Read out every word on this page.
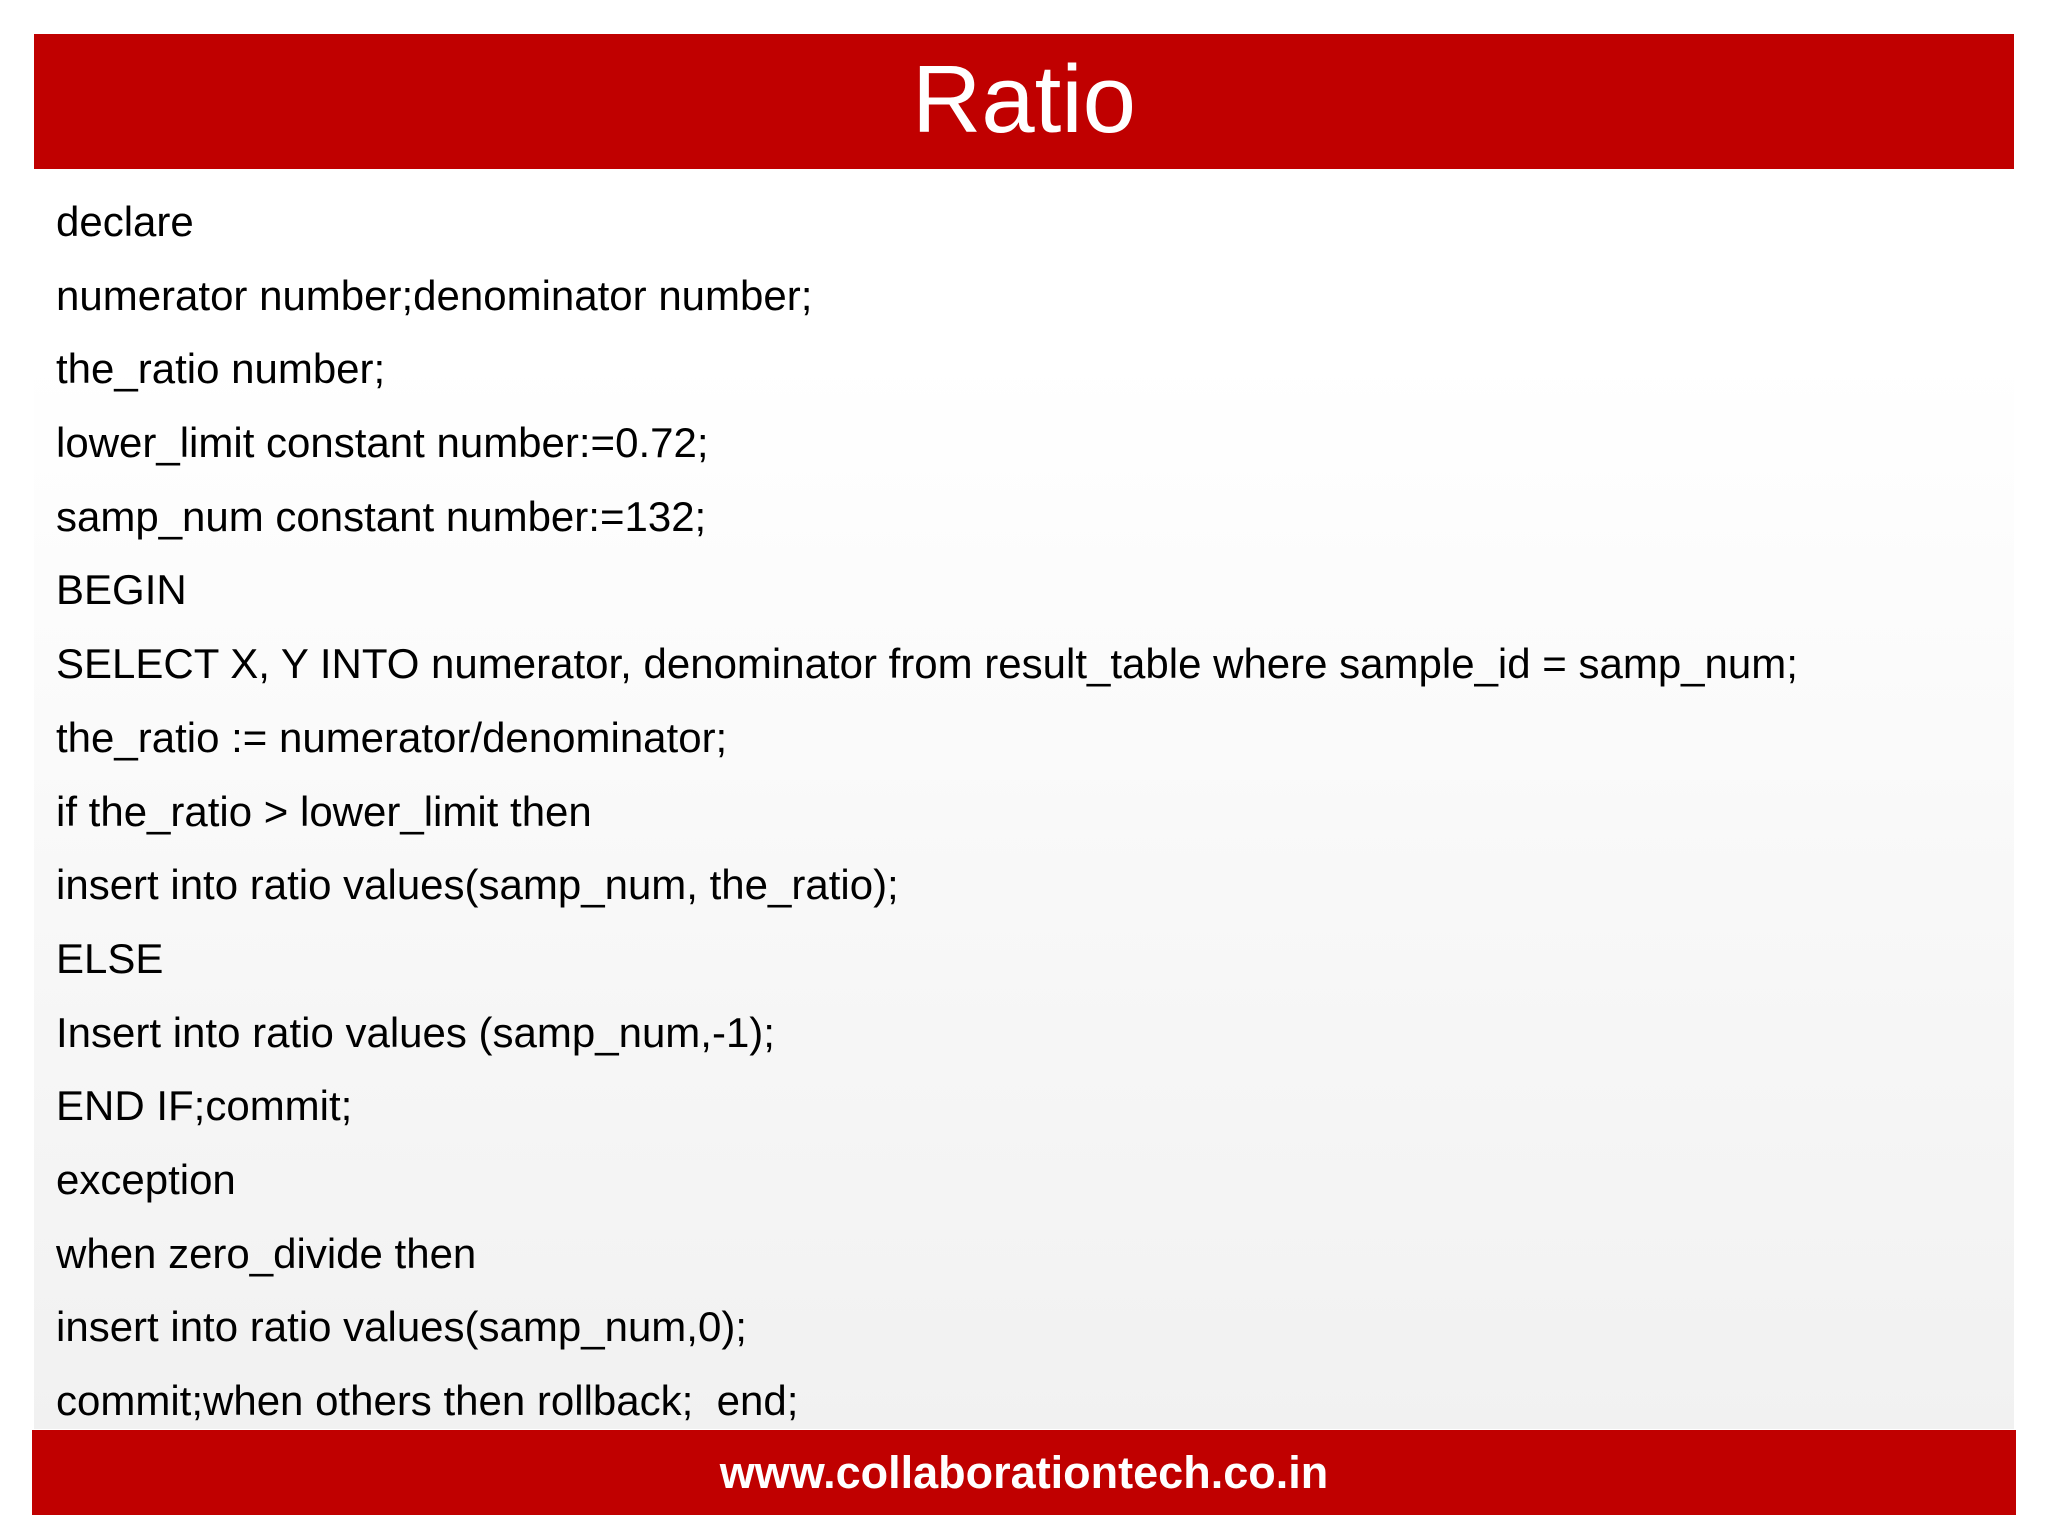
Ratio
declare
numerator number;denominator number;
the_ratio number;
lower_limit constant number:=0.72;
samp_num constant number:=132;
BEGIN
SELECT X, Y INTO numerator, denominator from result_table where sample_id = samp_num;
the_ratio := numerator/denominator;
if the_ratio > lower_limit then
insert into ratio values(samp_num, the_ratio);
ELSE
Insert into ratio values (samp_num,-1);
END IF;commit;
exception
when zero_divide then
insert into ratio values(samp_num,0);
commit;when others then rollback;  end;
www.collaborationtech.co.in
